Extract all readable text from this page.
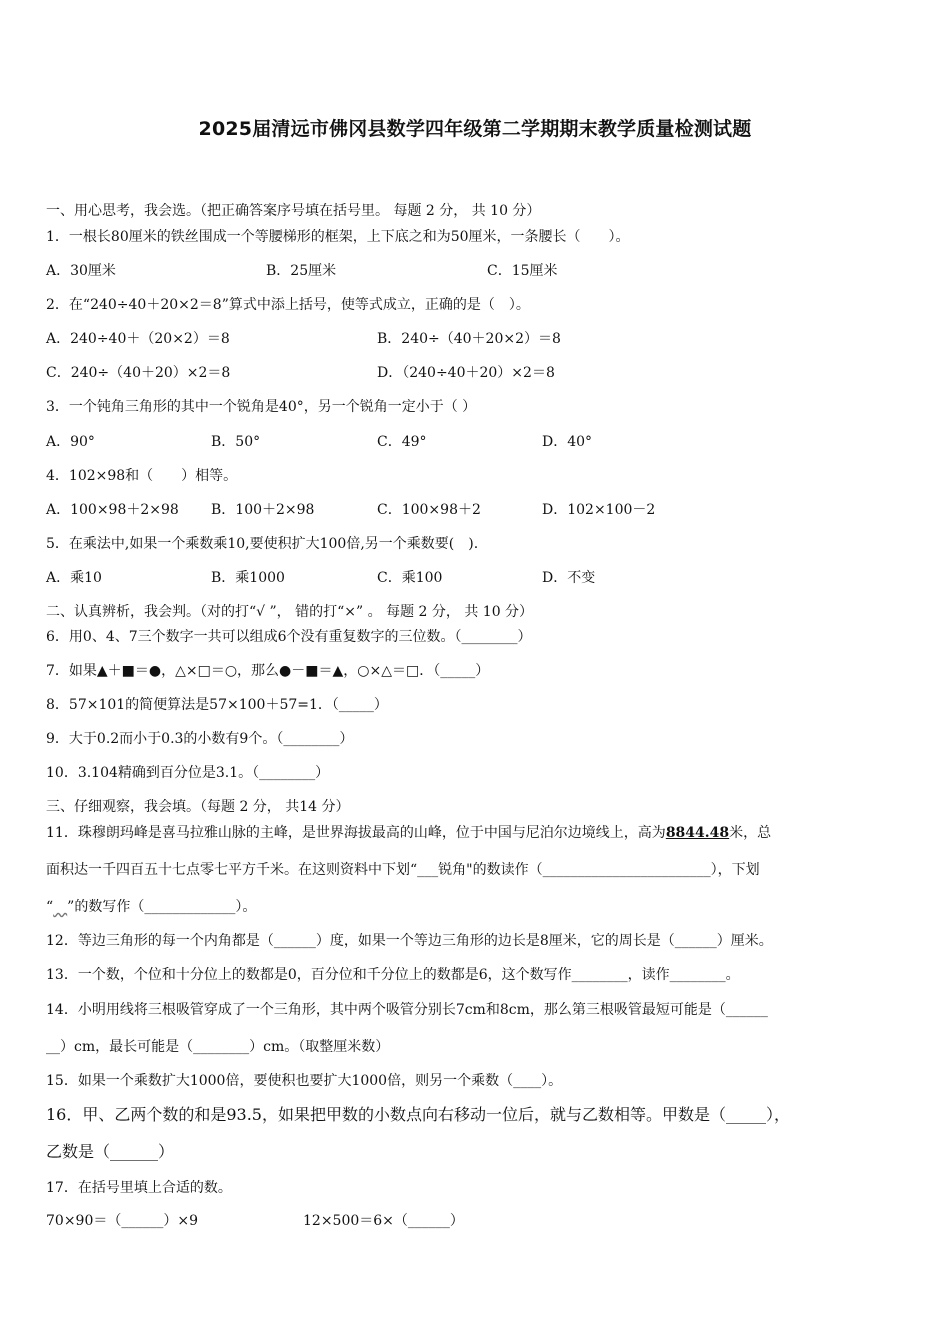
2025届清远市佛冈县数学四年级第二学期期末教学质量检测试题
一、用心思考，我会选。（把正确答案序号填在括号里。 每题 2 分， 共 10 分）
1．一根长80厘米的铁丝围成一个等腰梯形的框架，上下底之和为50厘米，一条腰长（　　）。
A．30厘米	B．25厘米	C．15厘米
2．在“240÷40＋20×2＝8”算式中添上括号，使等式成立，正确的是（　）。
A．240÷40＋（20×2）＝8	B．240÷（40＋20×2）＝8
C．240÷（40＋20）×2＝8	D．（240÷40＋20）×2＝8
3．一个钝角三角形的其中一个锐角是40°，另一个锐角一定小于（ ）
A．90°	B．50°	C．49°	D．40°
4．102×98和（　　）相等。
A．100×98＋2×98 B．100＋2×98	C．100×98＋2	D．102×100－2
5．在乘法中,如果一个乘数乘10,要使积扩大100倍,另一个乘数要(　).
A．乘10	B．乘1000	C．乘100	D．不变
二、认真辨析，我会判。（对的打“√ ”， 错的打“×” 。 每题 2 分， 共 10 分）
6．用0、4、7三个数字一共可以组成6个没有重复数字的三位数。（________）
7．如果▲＋■＝●，△×□＝○，那么●－■＝▲，○×△＝□．（_____）
8．57×101的简便算法是57×100＋57=1．（_____）
9．大于0.2而小于0.3的小数有9个。（________）
10．3.104精确到百分位是3.1。（________）
三、仔细观察，我会填。（每题 2 分， 共14 分）
11．珠穆朗玛峰是喜马拉雅山脉的主峰，是世界海拔最高的山峰，位于中国与尼泊尔边境线上，高为8844.48米，总
面积达一千四百五十七点零七平方千米。在这则资料中下划“___锐角"的数读作（________________________），下划
“　 ”的数写作（_____________）。
12．等边三角形的每一个内角都是（______）度，如果一个等边三角形的边长是8厘米，它的周长是（______）厘米。
13．一个数，个位和十分位上的数都是0，百分位和千分位上的数都是6，这个数写作________，读作________。
14．小明用线将三根吸管穿成了一个三角形，其中两个吸管分别长7cm和8cm，那么第三根吸管最短可能是（______
__）cm，最长可能是（________）cm。（取整厘米数）
15．如果一个乘数扩大1000倍，要使积也要扩大1000倍，则另一个乘数（____）。
16．甲、乙两个数的和是93.5，如果把甲数的小数点向右移动一位后，就与乙数相等。甲数是（_____），
乙数是（______）
17．在括号里填上合适的数。
70×90＝（______）×9	12×500＝6×（______）
